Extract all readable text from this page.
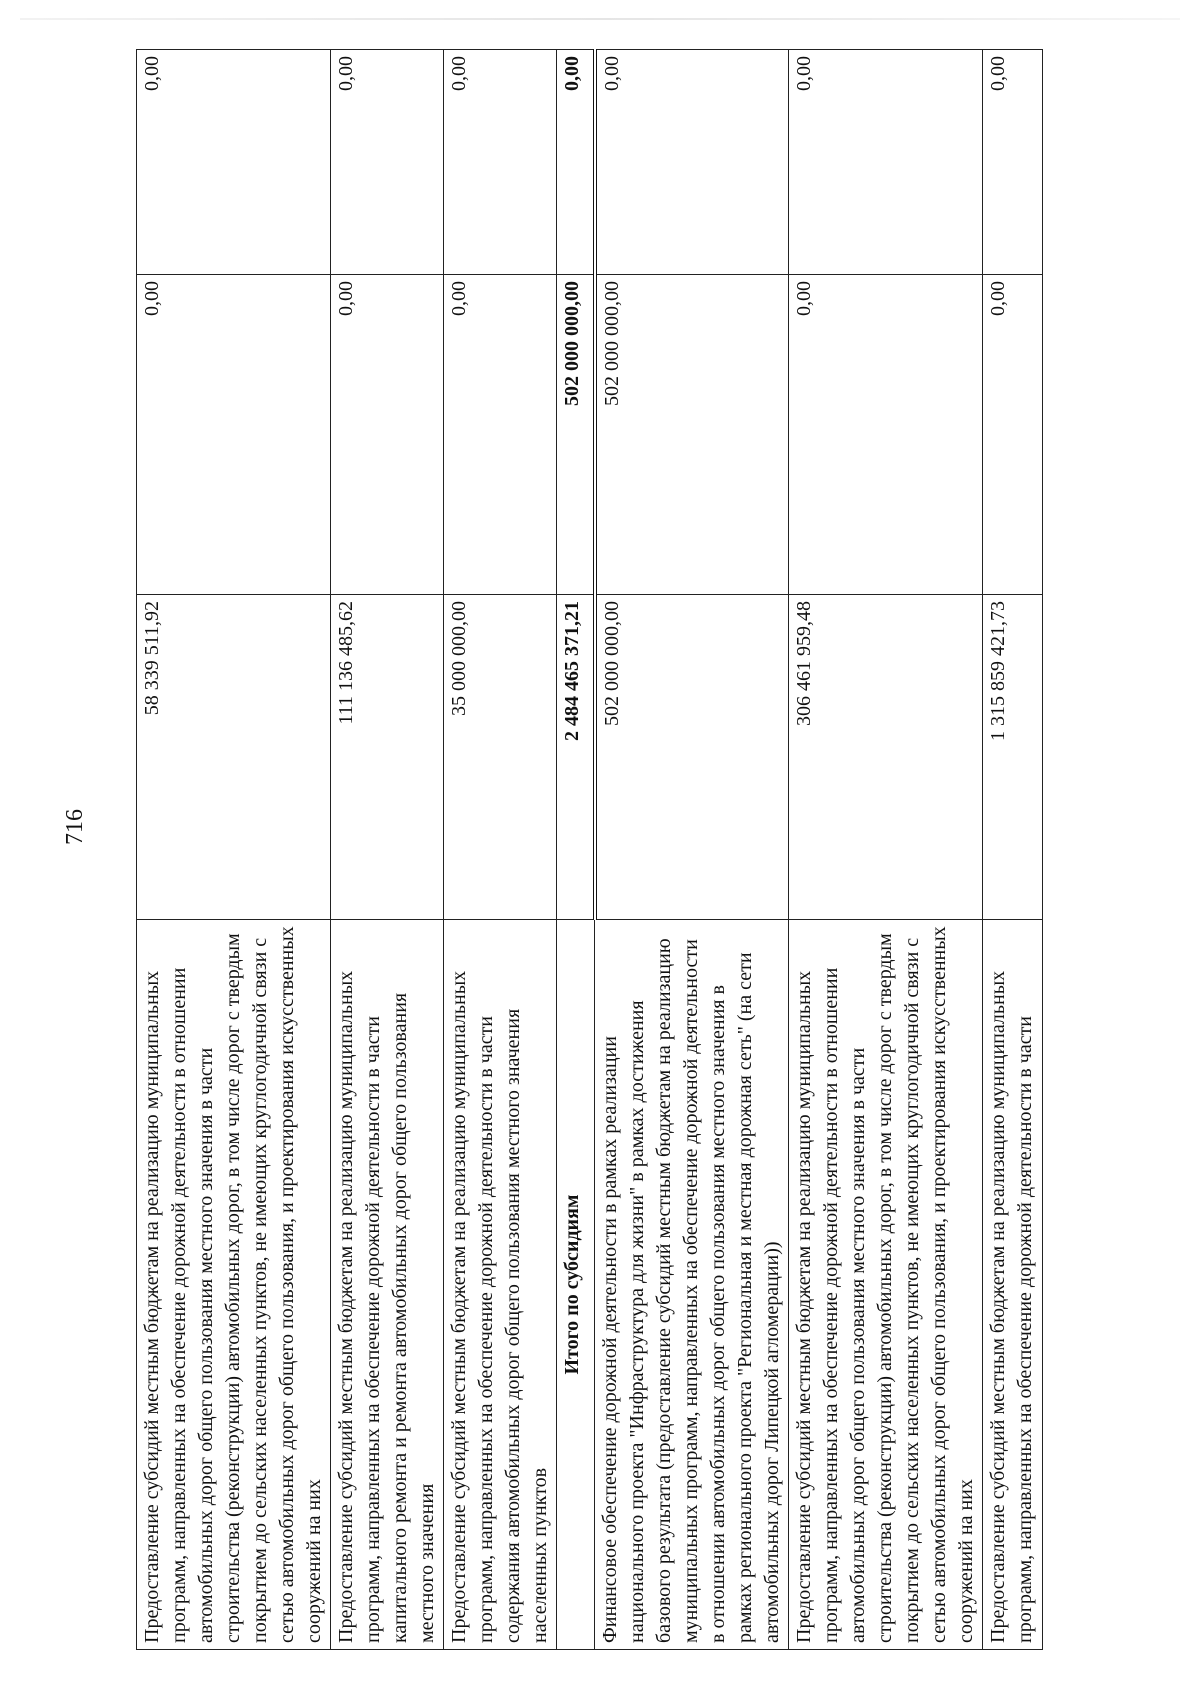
716
Предоставление субсидий местным бюджетам на реализацию муниципальных программ, направленных на обеспечение дорожной деятельности в отношении автомобильных дорог общего пользования местного значения в части строительства (реконструкции) автомобильных дорог, в том числе дорог с твердым покрытием до сельских населенных пунктов, не имеющих круглогодичной связи с сетью автомобильных дорог общего пользования, и проектирования искусственных сооружений на них	58 339 511,92	0,00	0,00
Предоставление субсидий местным бюджетам на реализацию муниципальных программ, направленных на обеспечение дорожной деятельности в части капитального ремонта и ремонта автомобильных дорог общего пользования местного значения	111 136 485,62	0,00	0,00
Предоставление субсидий местным бюджетам на реализацию муниципальных программ, направленных на обеспечение дорожной деятельности в части содержания автомобильных дорог общего пользования местного значения населенных пунктов	35 000 000,00	0,00	0,00
Итого по субсидиям	2 484 465 371,21	502 000 000,00	0,00
Финансовое обеспечение дорожной деятельности в рамках реализации национального проекта "Инфраструктура для жизни" в рамках достижения базового результата (предоставление субсидий местным бюджетам на реализацию муниципальных программ, направленных на обеспечение дорожной деятельности в отношении автомобильных дорог общего пользования местного значения в рамках регионального проекта "Региональная и местная дорожная сеть" (на сети автомобильных дорог Липецкой агломерации))	502 000 000,00	502 000 000,00	0,00
Предоставление субсидий местным бюджетам на реализацию муниципальных программ, направленных на обеспечение дорожной деятельности в отношении автомобильных дорог общего пользования местного значения в части строительства (реконструкции) автомобильных дорог, в том числе дорог с твердым покрытием до сельских населенных пунктов, не имеющих круглогодичной связи с сетью автомобильных дорог общего пользования, и проектирования искусственных сооружений на них	306 461 959,48	0,00	0,00
Предоставление субсидий местным бюджетам на реализацию муниципальных программ, направленных на обеспечение дорожной деятельности в части	1 315 859 421,73	0,00	0,00
